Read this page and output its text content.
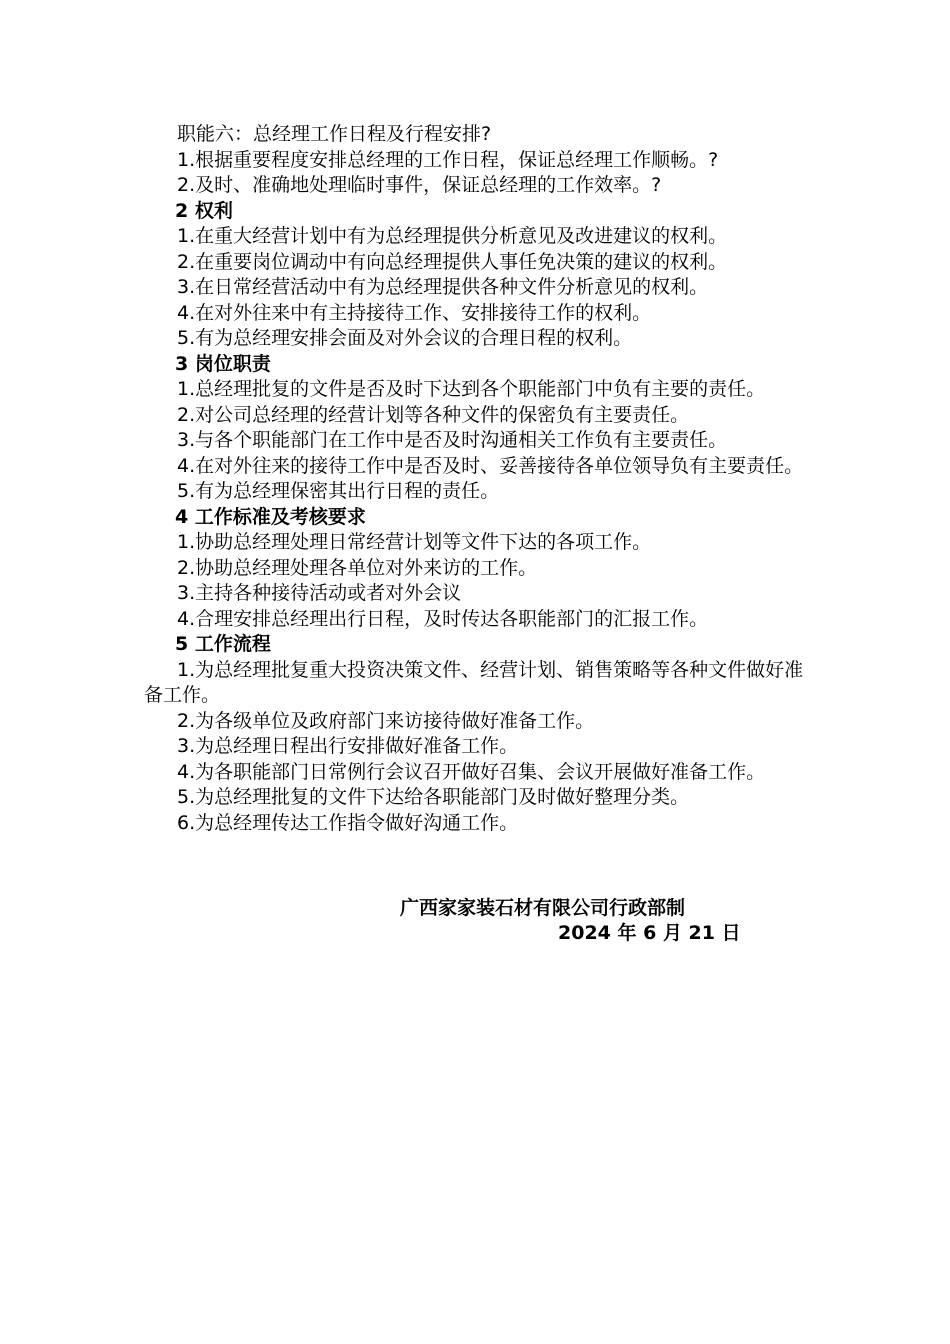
职能六：总经理工作日程及行程安排?
1.根据重要程度安排总经理的工作日程，保证总经理工作顺畅。?
2.及时、准确地处理临时事件，保证总经理的工作效率。?
2 权利
1.在重大经营计划中有为总经理提供分析意见及改进建议的权利。
2.在重要岗位调动中有向总经理提供人事任免决策的建议的权利。
3.在日常经营活动中有为总经理提供各种文件分析意见的权利。
4.在对外往来中有主持接待工作、安排接待工作的权利。
5.有为总经理安排会面及对外会议的合理日程的权利。
3 岗位职责
1.总经理批复的文件是否及时下达到各个职能部门中负有主要的责任。
2.对公司总经理的经营计划等各种文件的保密负有主要责任。
3.与各个职能部门在工作中是否及时沟通相关工作负有主要责任。
4.在对外往来的接待工作中是否及时、妥善接待各单位领导负有主要责任。
5.有为总经理保密其出行日程的责任。
4 工作标准及考核要求
1.协助总经理处理日常经营计划等文件下达的各项工作。
2.协助总经理处理各单位对外来访的工作。
3.主持各种接待活动或者对外会议
4.合理安排总经理出行日程，及时传达各职能部门的汇报工作。
5 工作流程
1.为总经理批复重大投资决策文件、经营计划、销售策略等各种文件做好准备工作。
2.为各级单位及政府部门来访接待做好准备工作。
3.为总经理日程出行安排做好准备工作。
4.为各职能部门日常例行会议召开做好召集、会议开展做好准备工作。
5.为总经理批复的文件下达给各职能部门及时做好整理分类。
6.为总经理传达工作指令做好沟通工作。
广西家家装石材有限公司行政部制
2024 年 6 月 21 日
